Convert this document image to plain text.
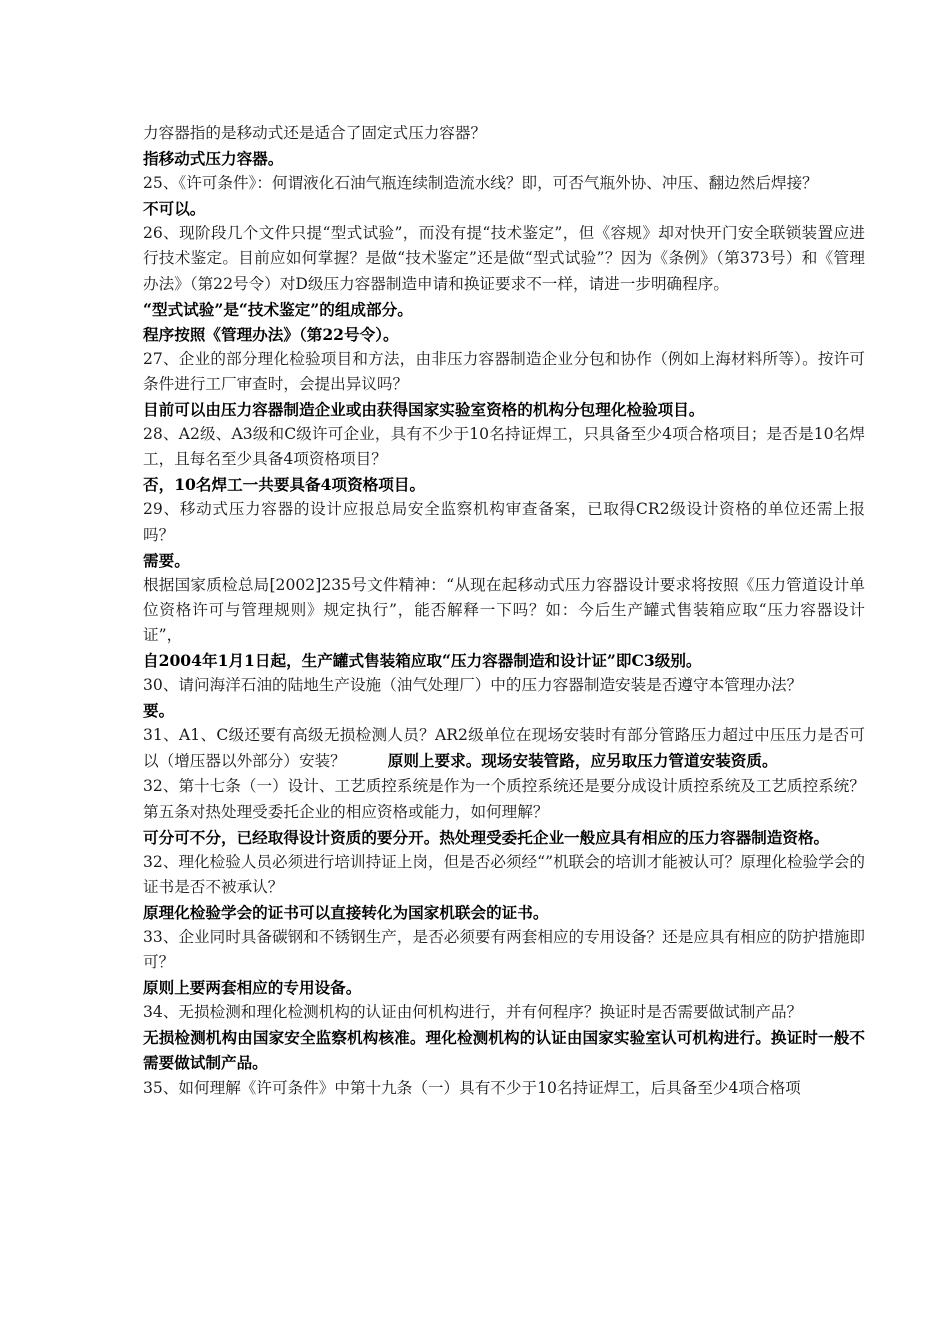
力容器指的是移动式还是适合了固定式压力容器？

指移动式压力容器。

25、《许可条件》：何谓液化石油气瓶连续制造流水线？即，可否气瓶外协、冲压、翻边然后焊接？

不可以。

26、现阶段几个文件只提“型式试验”，而没有提“技术鉴定”，但《容规》却对快开门安全联锁装置应进行技术鉴定。目前应如何掌握？是做“技术鉴定”还是做“型式试验”？因为《条例》（第373号）和《管理办法》（第22号令）对D级压力容器制造申请和换证要求不一样，请进一步明确程序。

“型式试验”是“技术鉴定”的组成部分。

程序按照《管理办法》（第22号令）。

27、企业的部分理化检验项目和方法，由非压力容器制造企业分包和协作（例如上海材料所等）。按许可条件进行工厂审查时，会提出异议吗？

目前可以由压力容器制造企业或由获得国家实验室资格的机构分包理化检验项目。

28、A2级、A3级和C级许可企业，具有不少于10名持证焊工，只具备至少4项合格项目；是否是10名焊工，且每名至少具备4项资格项目？

否，10名焊工一共要具备4项资格项目。

29、移动式压力容器的设计应报总局安全监察机构审查备案，已取得CR2级设计资格的单位还需上报吗？

需要。

根据国家质检总局[2002]235号文件精神：“从现在起移动式压力容器设计要求将按照《压力管道设计单位资格许可与管理规则》规定执行”，能否解释一下吗？如：今后生产罐式售装箱应取“压力容器设计证”，

自2004年1月1日起，生产罐式售装箱应取“压力容器制造和设计证”即C3级别。

30、请问海洋石油的陆地生产设施（油气处理厂）中的压力容器制造安装是否遵守本管理办法？

要。

31、A1、C级还要有高级无损检测人员？AR2级单位在现场安装时有部分管路压力超过中压压力是否可以（增压器以外部分）安装？	原则上要求。现场安装管路，应另取压力管道安装资质。

32、第十七条（一）设计、工艺质控系统是作为一个质控系统还是要分成设计质控系统及工艺质控系统？第五条对热处理受委托企业的相应资格或能力，如何理解？

可分可不分，已经取得设计资质的要分开。热处理受委托企业一般应具有相应的压力容器制造资格。

32、理化检验人员必须进行培训持证上岗，但是否必须经“”机联会的培训才能被认可？原理化检验学会的证书是否不被承认？

原理化检验学会的证书可以直接转化为国家机联会的证书。

33、企业同时具备碳钢和不锈钢生产，是否必须要有两套相应的专用设备？还是应具有相应的防护措施即可？

原则上要两套相应的专用设备。

34、无损检测和理化检测机构的认证由何机构进行，并有何程序？换证时是否需要做试制产品？

无损检测机构由国家安全监察机构核准。理化检测机构的认证由国家实验室认可机构进行。换证时一般不需要做试制产品。

35、如何理解《许可条件》中第十九条（一）具有不少于10名持证焊工，后具备至少4项合格项
